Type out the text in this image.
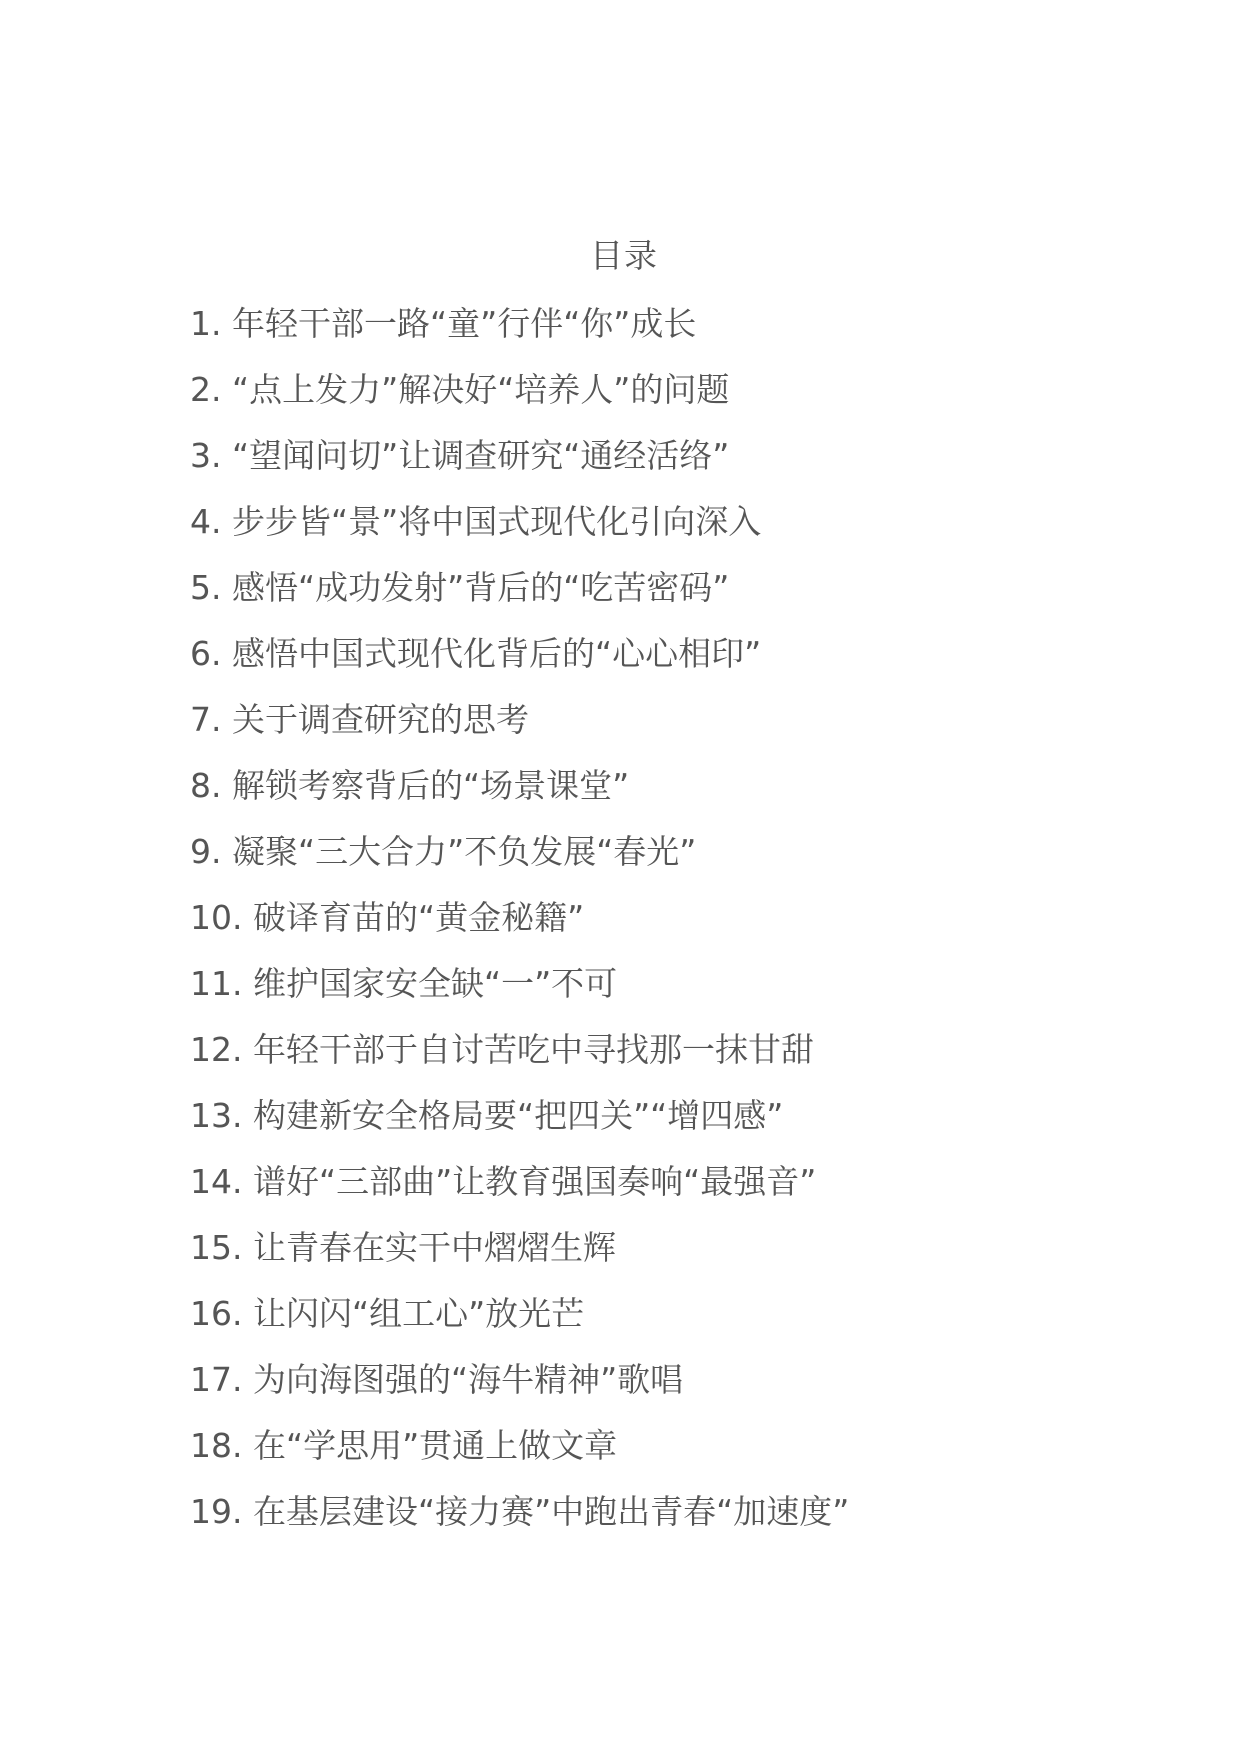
目录
1. 年轻干部一路“童”行伴“你”成长
2. “点上发力”解决好“培养人”的问题
3. “望闻问切”让调查研究“通经活络”
4. 步步皆“景”将中国式现代化引向深入
5. 感悟“成功发射”背后的“吃苦密码”
6. 感悟中国式现代化背后的“心心相印”
7. 关于调查研究的思考
8. 解锁考察背后的“场景课堂”
9. 凝聚“三大合力”不负发展“春光”
10. 破译育苗的“黄金秘籍”
11. 维护国家安全缺“一”不可
12. 年轻干部于自讨苦吃中寻找那一抹甘甜
13. 构建新安全格局要“把四关”“增四感”
14. 谱好“三部曲”让教育强国奏响“最强音”
15. 让青春在实干中熠熠生辉
16. 让闪闪“组工心”放光芒
17. 为向海图强的“海牛精神”歌唱
18. 在“学思用”贯通上做文章
19. 在基层建设“接力赛”中跑出青春“加速度”
